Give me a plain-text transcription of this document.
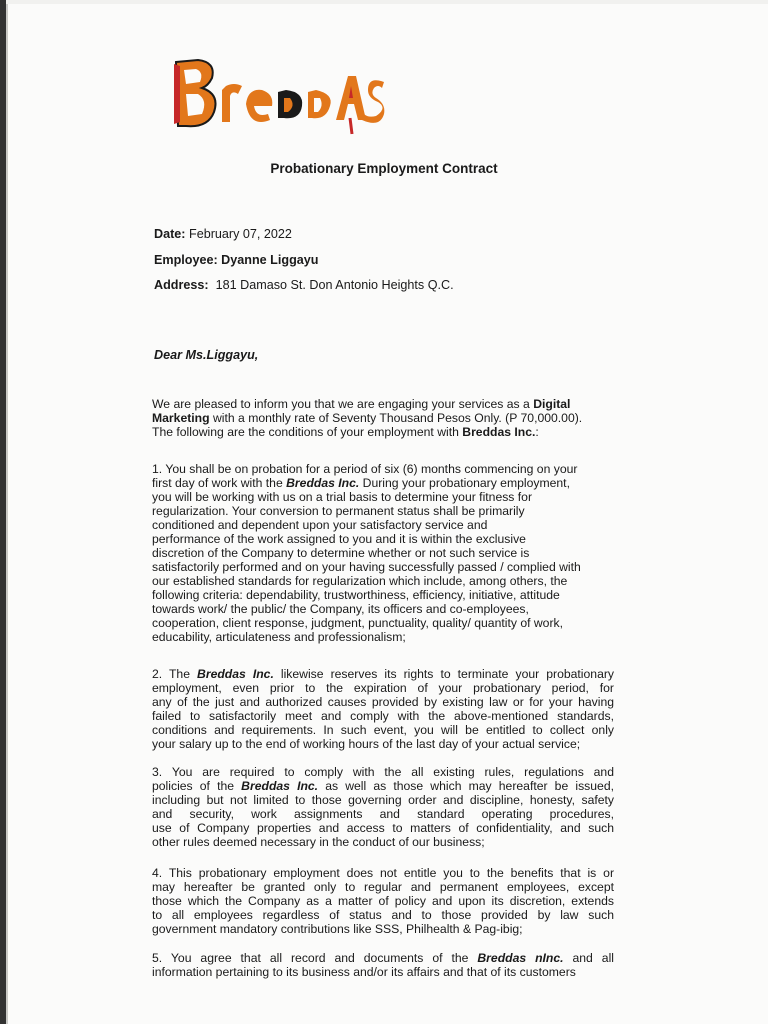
Probationary Employment Contract
Date: February 07, 2022
Employee: Dyanne Liggayu
Address: 181 Damaso St. Don Antonio Heights Q.C.
Dear Ms.Liggayu,
We are pleased to inform you that we are engaging your services as a Digital
Marketing with a monthly rate of Seventy Thousand Pesos Only. (P 70,000.00).
The following are the conditions of your employment with Breddas Inc.:
1. You shall be on probation for a period of six (6) months commencing on your
first day of work with the Breddas Inc. During your probationary employment,
you will be working with us on a trial basis to determine your fitness for
regularization. Your conversion to permanent status shall be primarily
conditioned and dependent upon your satisfactory service and
performance of the work assigned to you and it is within the exclusive
discretion of the Company to determine whether or not such service is
satisfactorily performed and on your having successfully passed / complied with
our established standards for regularization which include, among others, the
following criteria: dependability, trustworthiness, efficiency, initiative, attitude
towards work/ the public/ the Company, its officers and co-employees,
cooperation, client response, judgment, punctuality, quality/ quantity of work,
educability, articulateness and professionalism;
2. The Breddas Inc. likewise reserves its rights to terminate your probationary
employment, even prior to the expiration of your probationary period, for
any of the just and authorized causes provided by existing law or for your having
failed to satisfactorily meet and comply with the above-mentioned standards,
conditions and requirements. In such event, you will be entitled to collect only
your salary up to the end of working hours of the last day of your actual service;
3. You are required to comply with the all existing rules, regulations and
policies of the Breddas Inc. as well as those which may hereafter be issued,
including but not limited to those governing order and discipline, honesty, safety
and security, work assignments and standard operating procedures,
use of Company properties and access to matters of confidentiality, and such
other rules deemed necessary in the conduct of our business;
4. This probationary employment does not entitle you to the benefits that is or
may hereafter be granted only to regular and permanent employees, except
those which the Company as a matter of policy and upon its discretion, extends
to all employees regardless of status and to those provided by law such
government mandatory contributions like SSS, Philhealth & Pag-ibig;
5. You agree that all record and documents of the Breddas nInc. and all
information pertaining to its business and/or its affairs and that of its customers
